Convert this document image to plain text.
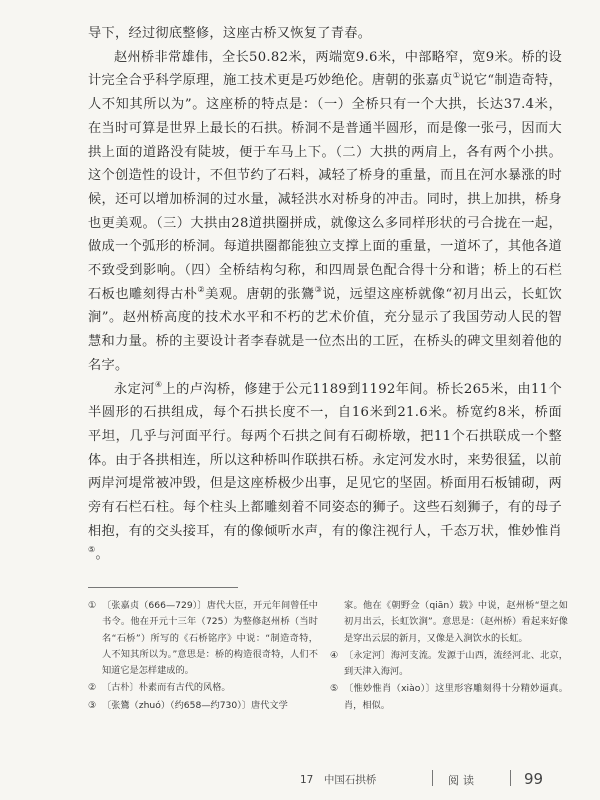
导下，经过彻底整修，这座古桥又恢复了青春。

赵州桥非常雄伟，全长50.82米，两端宽9.6米，中部略窄，宽9米。桥的设计完全合乎科学原理，施工技术更是巧妙绝伦。唐朝的张嘉贞①说它“制造奇特，人不知其所以为”。这座桥的特点是：（一）全桥只有一个大拱，长达37.4米，在当时可算是世界上最长的石拱。桥洞不是普通半圆形，而是像一张弓，因而大拱上面的道路没有陡坡，便于车马上下。（二）大拱的两肩上，各有两个小拱。这个创造性的设计，不但节约了石料，减轻了桥身的重量，而且在河水暴涨的时候，还可以增加桥洞的过水量，减轻洪水对桥身的冲击。同时，拱上加拱，桥身也更美观。（三）大拱由28道拱圈拼成，就像这么多同样形状的弓合拢在一起，做成一个弧形的桥洞。每道拱圈都能独立支撑上面的重量，一道坏了，其他各道不致受到影响。（四）全桥结构匀称，和四周景色配合得十分和谐；桥上的石栏石板也雕刻得古朴②美观。唐朝的张鷟③说，远望这座桥就像“初月出云，长虹饮涧”。赵州桥高度的技术水平和不朽的艺术价值，充分显示了我国劳动人民的智慧和力量。桥的主要设计者李春就是一位杰出的工匠，在桥头的碑文里刻着他的名字。

永定河④上的卢沟桥，修建于公元1189到1192年间。桥长265米，由11个半圆形的石拱组成，每个石拱长度不一，自16米到21.6米。桥宽约8米，桥面平坦，几乎与河面平行。每两个石拱之间有石砌桥墩，把11个石拱联成一个整体。由于各拱相连，所以这种桥叫作联拱石桥。永定河发水时，来势很猛，以前两岸河堤常被冲毁，但是这座桥极少出事，足见它的坚固。桥面用石板铺砌，两旁有石栏石柱。每个柱头上都雕刻着不同姿态的狮子。这些石刻狮子，有的母子相抱，有的交头接耳，有的像倾听水声，有的像注视行人，千态万状，惟妙惟肖⑤。

① 〔张嘉贞（666—729）〕唐代大臣，开元年间曾任中书令。他在开元十三年（725）为整修赵州桥（当时名“石桥”）所写的《石桥铭序》中说：“制造奇特，人不知其所以为。”意思是：桥的构造很奇特，人们不知道它是怎样建成的。
② 〔古朴〕朴素而有古代的风格。
③ 〔张鷟（zhuó）（约658—约730）〕唐代文学
家。他在《朝野佥（qiān）载》中说，赵州桥“望之如初月出云，长虹饮涧”。意思是：（赵州桥）看起来好像是穿出云层的新月，又像是入涧饮水的长虹。
④ 〔永定河〕海河支流。发源于山西，流经河北、北京，到天津入海河。
⑤ 〔惟妙惟肖（xiào）〕这里形容雕刻得十分精妙逼真。肖，相似。
17　中国石拱桥	阅读	99
